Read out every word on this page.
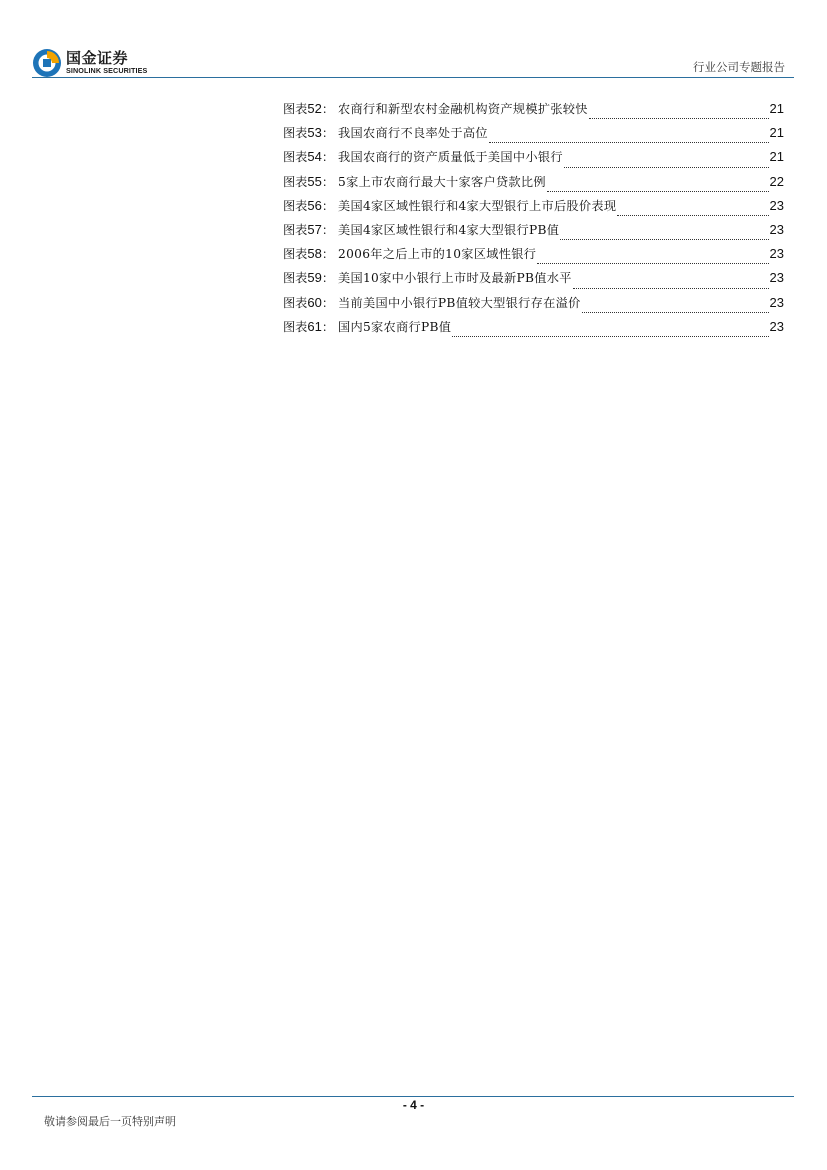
国金证券
SINOLINK SECURITIES	行业公司专题报告
图表 52 ： 农商行和新型农村金融机构资产规模扩张较快	21
图表 53 ： 我国农商行不良率处于高位	21
图表 54 ： 我国农商行的资产质量低于美国中小银行	21
图表 55 ： 5家上市农商行最大十家客户贷款比例	22
图表 56 ： 美国4家区域性银行和4家大型银行上市后股价表现	23
图表 57 ： 美国4家区域性银行和4家大型银行PB值	23
图表 58 ： 2006年之后上市的10家区域性银行	23
图表 59 ： 美国10家中小银行上市时及最新PB值水平	23
图表 60 ： 当前美国中小银行PB值较大型银行存在溢价	23
图表 61 ： 国内5家农商行PB值	23
- 4 -
敬请参阅最后一页特别声明
